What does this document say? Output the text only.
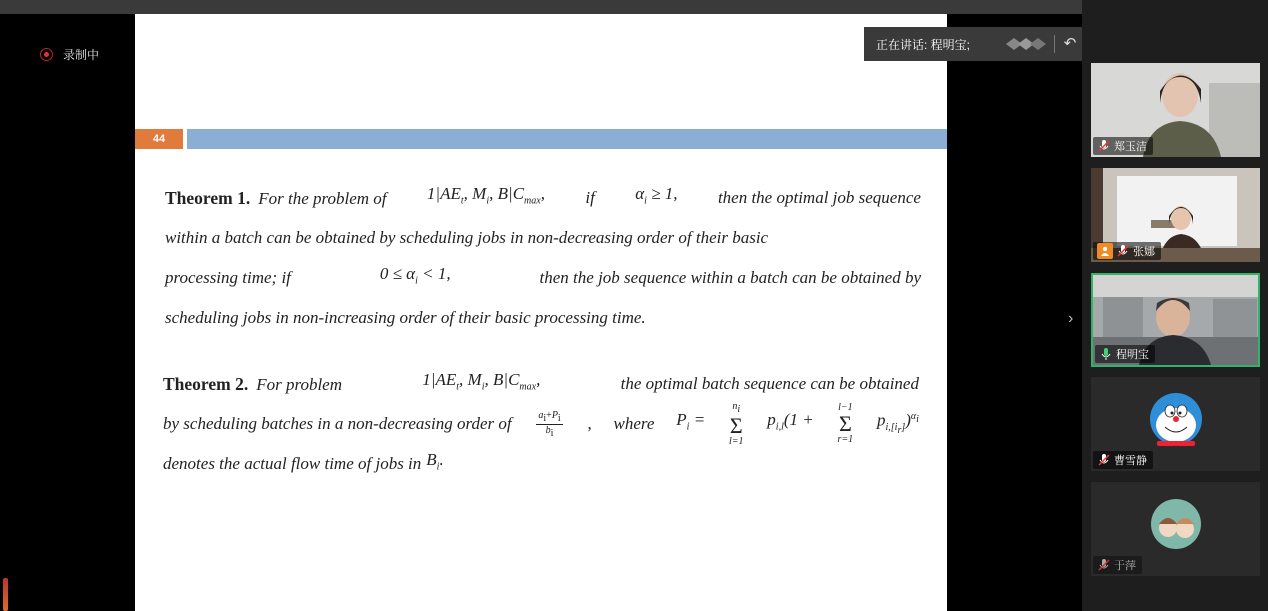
录制中
44
Theorem 1. For the problem of $1|AE_t$, $M_i$, $B|C_{max}$, if $\alpha_i \ge 1$, then the optimal job sequence
within a batch can be obtained by scheduling jobs in non-decreasing order of their basic
processing time; if	$0 \le \alpha_i < 1$,	then the job sequence within a batch can be obtained by
scheduling jobs in non-increasing order of their basic processing time.
Theorem 2. For problem	$1|AE_t$, $M_i$, $B|C_{max}$,	the optimal batch sequence can be obtained
by scheduling batches in a non-decreasing order of $\frac{a_i+P_i}{b_i}$ , where $P_i$ =
$n_i$
Σ
l=1
$p_{i,l}(1$ +
l−1
Σ
r=1
$p_{i,[i_r]})^{\alpha_i}$
denotes the actual flow time of jobs in $B_i$.
正在讲话: 程明宝;	↶
›
郑玉洁
张娜
程明宝
曹雪静
于萍
